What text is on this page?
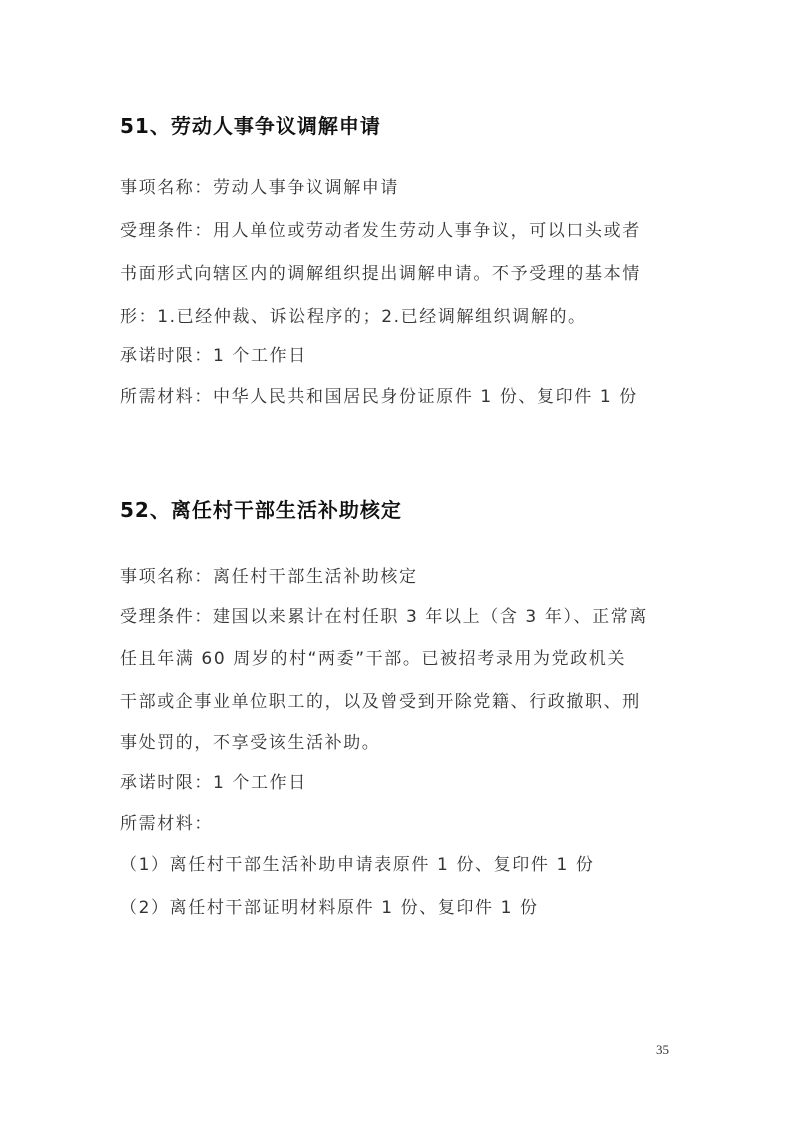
51、劳动人事争议调解申请
事项名称：劳动人事争议调解申请
受理条件：用人单位或劳动者发生劳动人事争议，可以口头或者
书面形式向辖区内的调解组织提出调解申请。不予受理的基本情
形：1.已经仲裁、诉讼程序的；2.已经调解组织调解的。
承诺时限：1 个工作日
所需材料：中华人民共和国居民身份证原件 1 份、复印件 1 份
52、离任村干部生活补助核定
事项名称：离任村干部生活补助核定
受理条件：建国以来累计在村任职 3 年以上（含 3 年）、正常离
任且年满 60 周岁的村“两委”干部。已被招考录用为党政机关
干部或企事业单位职工的，以及曾受到开除党籍、行政撤职、刑
事处罚的，不享受该生活补助。
承诺时限：1 个工作日
所需材料：
（1）离任村干部生活补助申请表原件 1 份、复印件 1 份
（2）离任村干部证明材料原件 1 份、复印件 1 份
35
